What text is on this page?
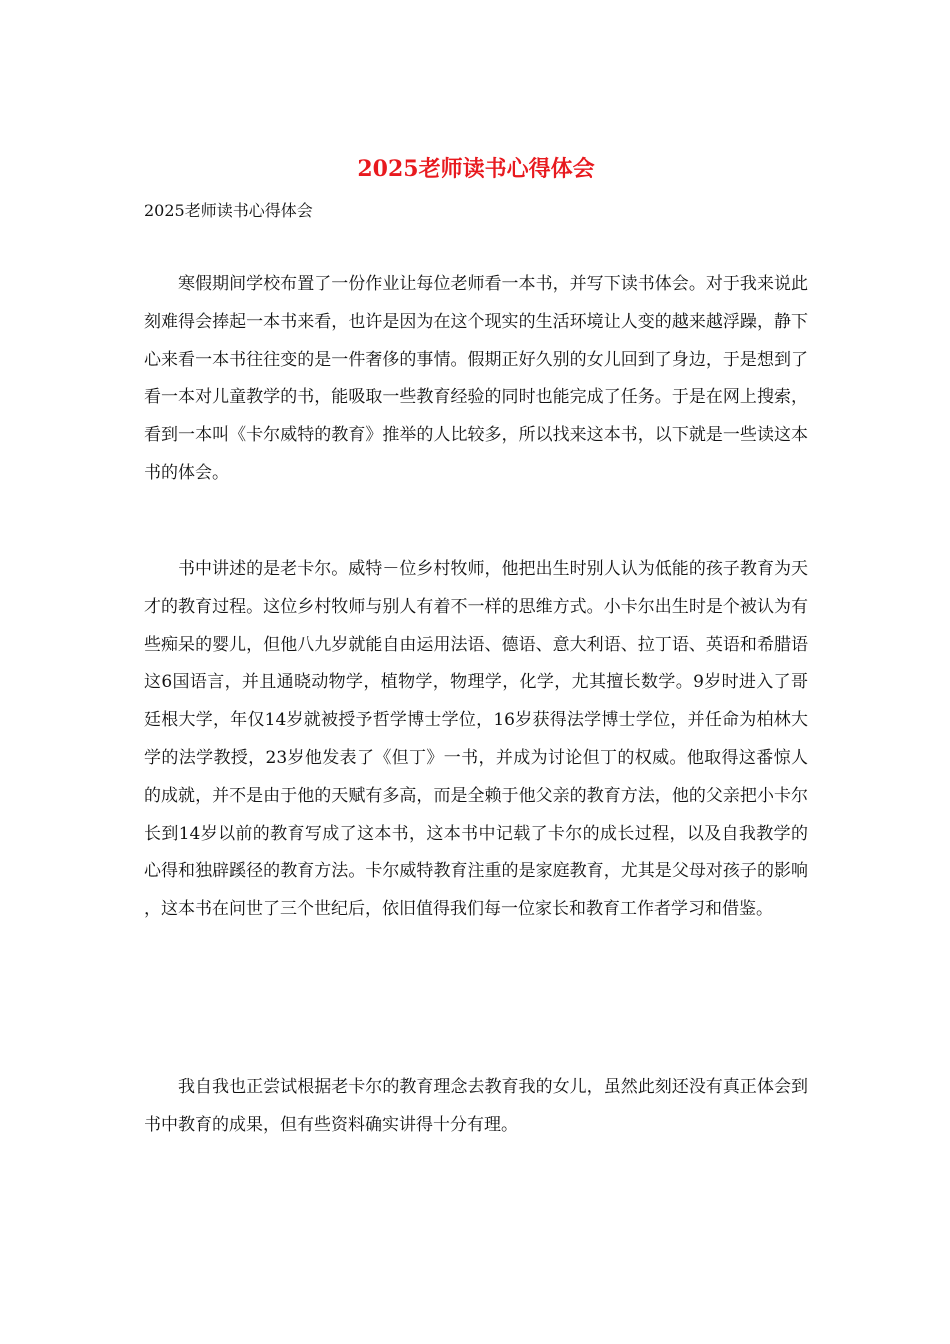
2025老师读书心得体会

2025老师读书心得体会

寒假期间学校布置了一份作业让每位老师看一本书，并写下读书体会。对于我来说此刻难得会捧起一本书来看，也许是因为在这个现实的生活环境让人变的越来越浮躁，静下心来看一本书往往变的是一件奢侈的事情。假期正好久别的女儿回到了身边，于是想到了看一本对儿童教学的书，能吸取一些教育经验的同时也能完成了任务。于是在网上搜索，看到一本叫《卡尔威特的教育》推举的人比较多，所以找来这本书，以下就是一些读这本书的体会。

书中讲述的是老卡尔。威特－位乡村牧师，他把出生时别人认为低能的孩子教育为天才的教育过程。这位乡村牧师与别人有着不一样的思维方式。小卡尔出生时是个被认为有些痴呆的婴儿，但他八九岁就能自由运用法语、德语、意大利语、拉丁语、英语和希腊语这6国语言，并且通晓动物学，植物学，物理学，化学，尤其擅长数学。9岁时进入了哥廷根大学，年仅14岁就被授予哲学博士学位，16岁获得法学博士学位，并任命为柏林大学的法学教授，23岁他发表了《但丁》一书，并成为讨论但丁的权威。他取得这番惊人的成就，并不是由于他的天赋有多高，而是全赖于他父亲的教育方法，他的父亲把小卡尔长到14岁以前的教育写成了这本书，这本书中记载了卡尔的成长过程，以及自我教学的心得和独辟蹊径的教育方法。卡尔威特教育注重的是家庭教育，尤其是父母对孩子的影响，这本书在问世了三个世纪后，依旧值得我们每一位家长和教育工作者学习和借鉴。

我自我也正尝试根据老卡尔的教育理念去教育我的女儿，虽然此刻还没有真正体会到书中教育的成果，但有些资料确实讲得十分有理。
